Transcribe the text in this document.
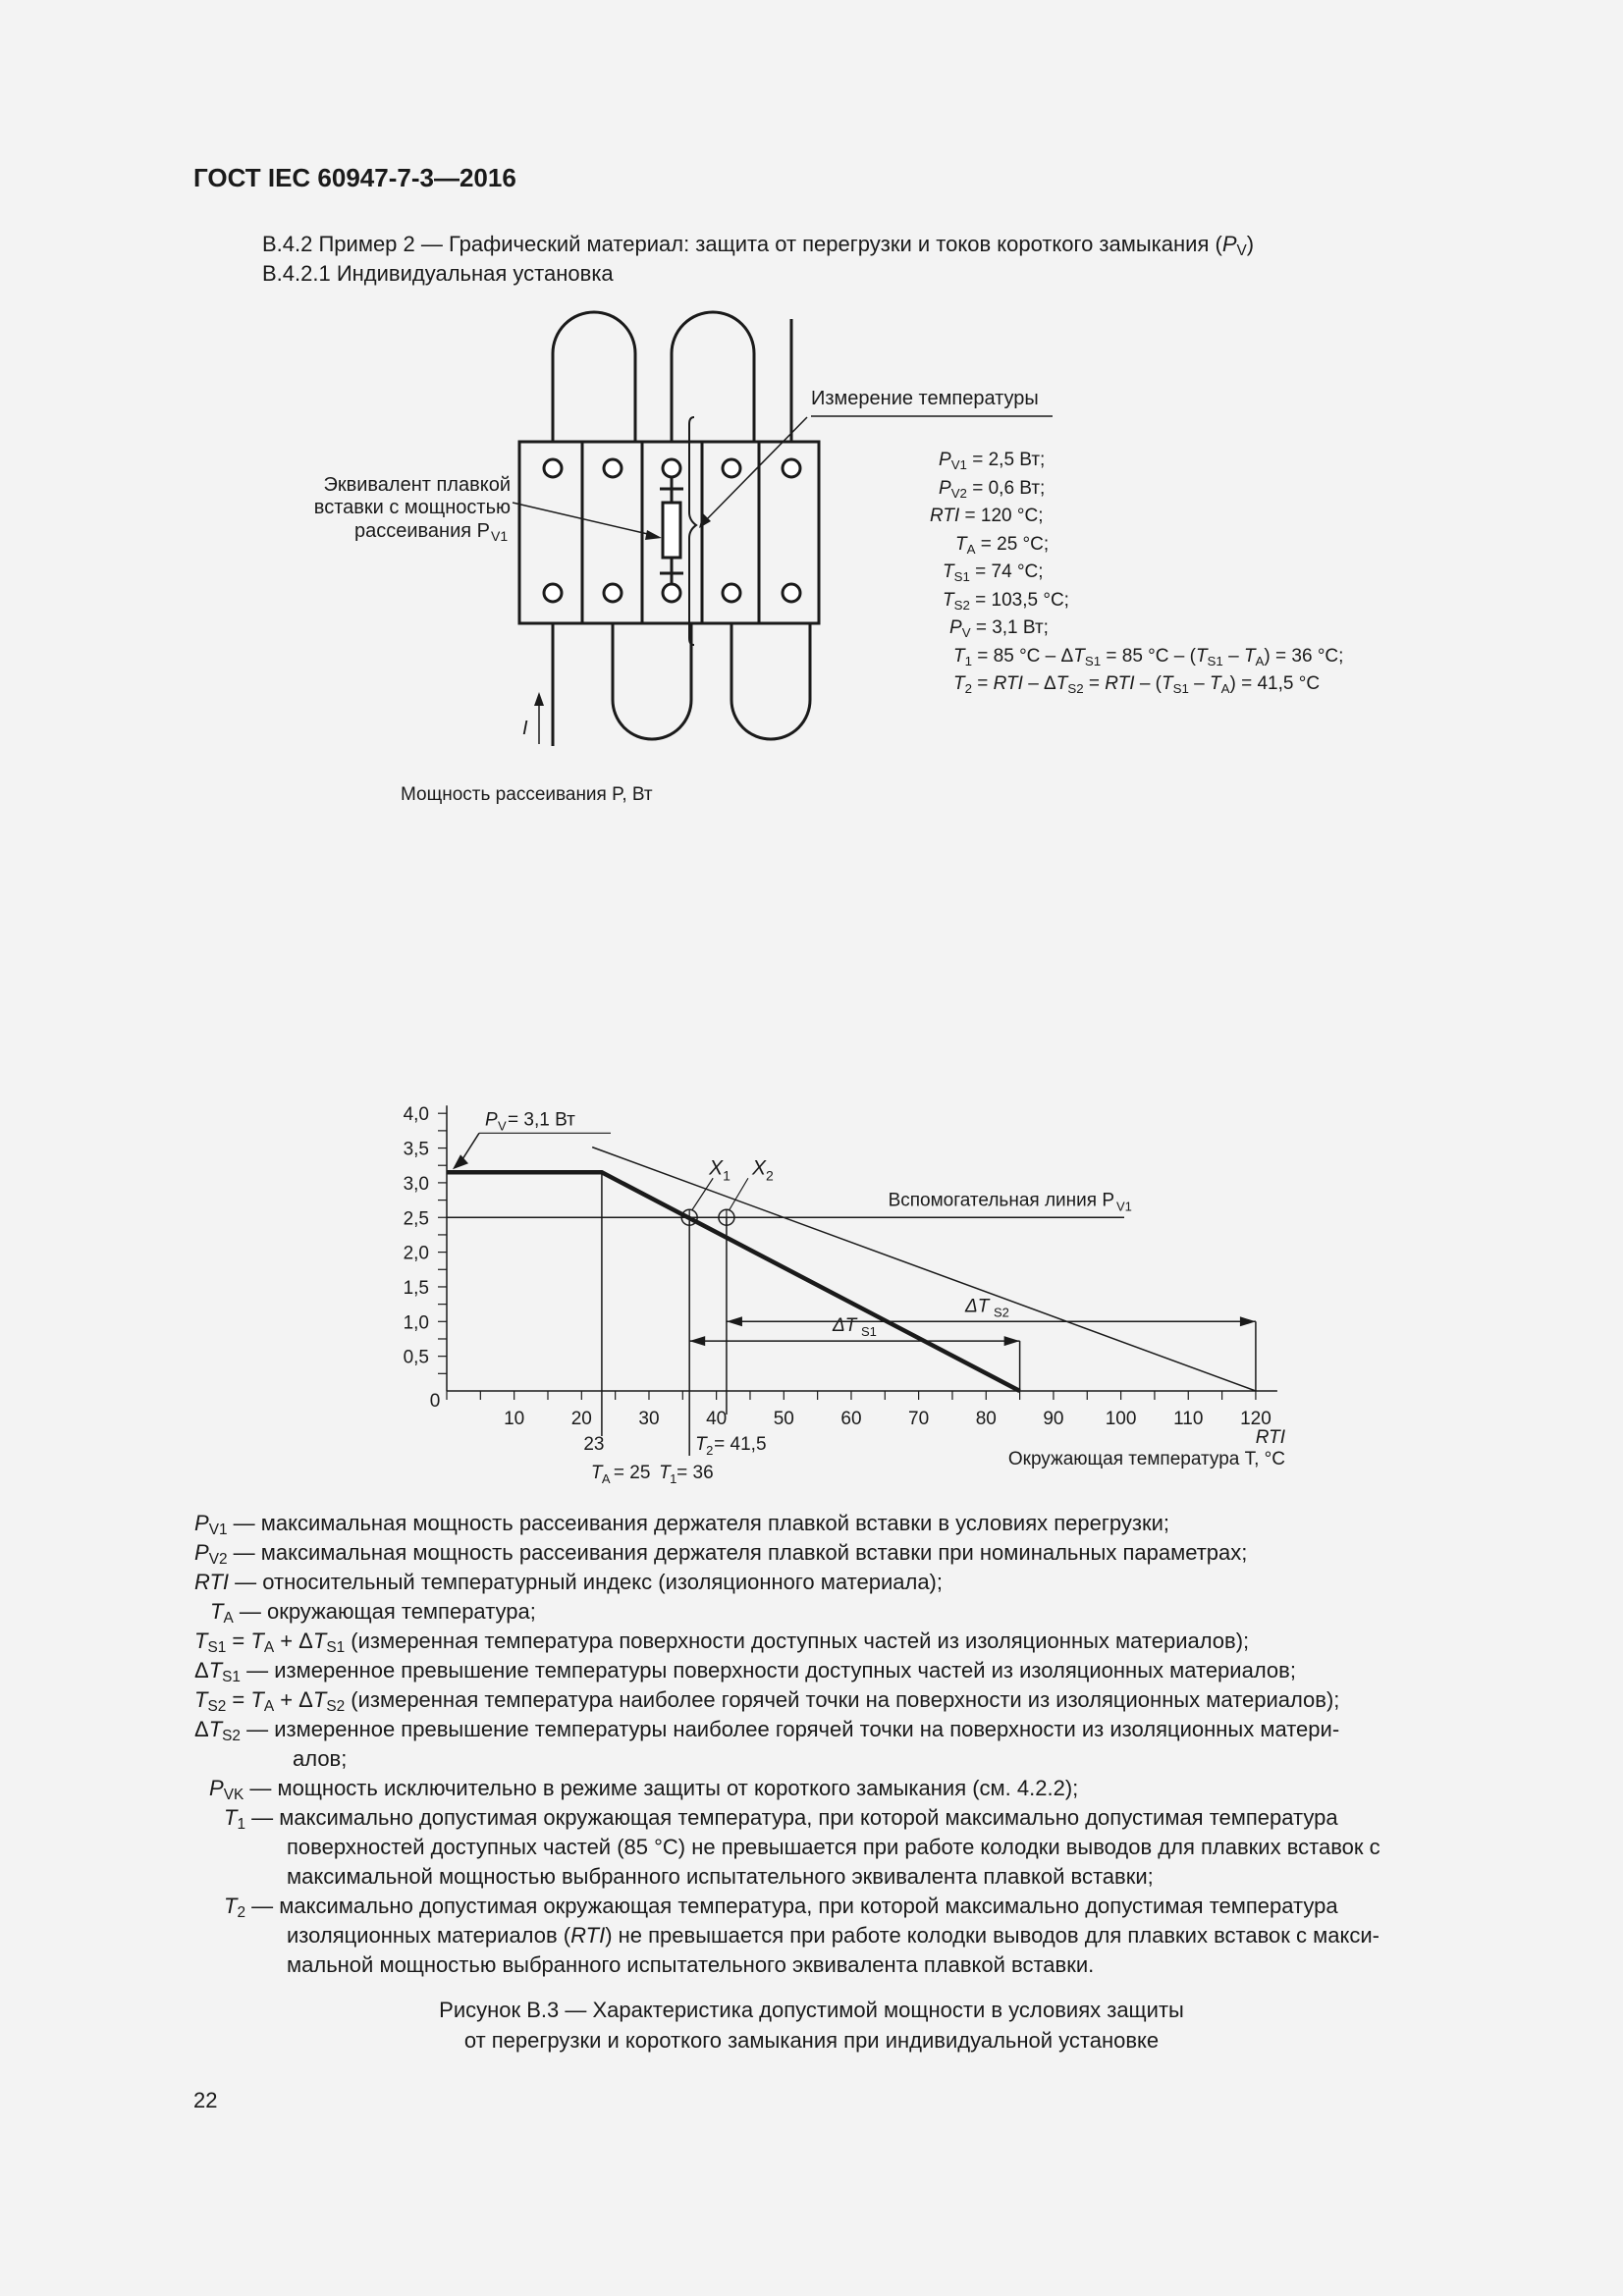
ГОСТ IEC 60947-7-3—2016
В.4.2 Пример 2 — Графический материал: защита от перегрузки и токов короткого замыкания $(P_V)$
В.4.2.1 Индивидуальная установка
Измерение температуры
Эквивалент плавкой
вставки с мощностью
рассеивания P V1
I
$P_{V1} = 2,5$ Вт;
$P_{V2} = 0,6$ Вт;
RTI = 120 °C;
$T_A = 25$ °C;
$T_{S1} = 74$ °C;
$T_{S2} = 103,5$ °C;
$P_V = 3,1$ Вт;
$T_1 = 85$ $^\circ C - \Delta T_{S1} = 85$ $^\circ C - (T_{S1} - T_A) = 36$ °C;
$T_2$ = RTI – $\Delta T_{S2}$ = RTI – $(T_{S1} - T_A) = 41,5$ °C
Мощность рассеивания P, Вт
Окружающая температура T, °C
RTI
0
10	20	30	40	50	60	70	80	90 100 110 120
4,0
3,5
3,0
2,5
2,0
1,5
1,0
0,5
Вспомогательная линия P V1
X 1 X 2
P V = 3,1 Вт
ΔT S1
ΔT S2
23	T 2 = 41,5
T A = 25 T 1 = 36
$P_{V1}$ — максимальная мощность рассеивания держателя плавкой вставки в условиях перегрузки;
$P_{V2}$ — максимальная мощность рассеивания держателя плавкой вставки при номинальных параметрах;
RTI — относительный температурный индекс (изоляционного материала);
$T_A$ — окружающая температура;
$T_{S1} = T_A + \Delta T_{S1}$ (измеренная температура поверхности доступных частей из изоляционных материалов);
$\Delta T_{S1}$ — измеренное превышение температуры поверхности доступных частей из изоляционных материалов;
$T_{S2} = T_A + \Delta T_{S2}$ (измеренная температура наиболее горячей точки на поверхности из изоляционных материалов);
$\Delta T_{S2}$ — измеренное превышение температуры наиболее горячей точки на поверхности из изоляционных матери-
алов;
$P_{VK}$ — мощность исключительно в режиме защиты от короткого замыкания (см. 4.2.2);
$T_1$ — максимально допустимая окружающая температура, при которой максимально допустимая температура
поверхностей доступных частей (85 °C) не превышается при работе колодки выводов для плавких вставок с
максимальной мощностью выбранного испытательного эквивалента плавкой вставки;
$T_2$ — максимально допустимая окружающая температура, при которой максимально допустимая температура
изоляционных материалов (RTI) не превышается при работе колодки выводов для плавких вставок с макси-
мальной мощностью выбранного испытательного эквивалента плавкой вставки.
Рисунок В.3 — Характеристика допустимой мощности в условиях защиты
от перегрузки и короткого замыкания при индивидуальной установке
22
